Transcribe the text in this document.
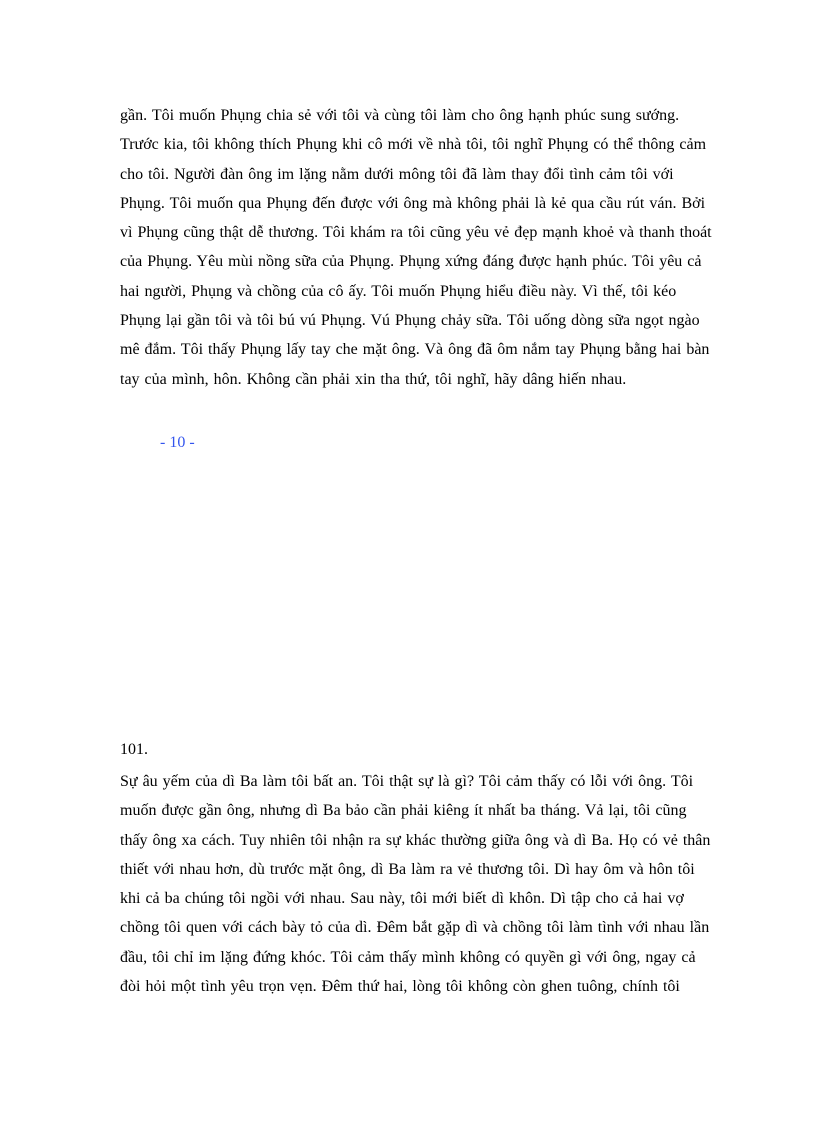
gần. Tôi muốn Phụng chia sẻ với tôi và cùng tôi làm cho ông hạnh phúc sung sướng.
Trước kia, tôi không thích Phụng khi cô mới về nhà tôi, tôi nghĩ Phụng có thể thông cảm
cho tôi. Người đàn ông im lặng nằm dưới mông tôi đã làm thay đổi tình cảm tôi với
Phụng. Tôi muốn qua Phụng đến được với ông mà không phải là kẻ qua cầu rút ván. Bởi
vì Phụng cũng thật dễ thương. Tôi khám ra tôi cũng yêu vẻ đẹp mạnh khoẻ và thanh thoát
của Phụng. Yêu mùi nồng sữa của Phụng. Phụng xứng đáng được hạnh phúc. Tôi yêu cả
hai người, Phụng và chồng của cô ấy. Tôi muốn Phụng hiểu điều này. Vì thế, tôi kéo
Phụng lại gần tôi và tôi bú vú Phụng. Vú Phụng chảy sữa. Tôi uống dòng sữa ngọt ngào
mê đắm. Tôi thấy Phụng lấy tay che mặt ông. Và ông đã ôm nắm tay Phụng bằng hai bàn
tay của mình, hôn. Không cần phải xin tha thứ, tôi nghĩ, hãy dâng hiến nhau.
- 10 -
101.
Sự âu yếm của dì Ba làm tôi bất an. Tôi thật sự là gì? Tôi cảm thấy có lỗi với ông. Tôi
muốn được gần ông, nhưng dì Ba bảo cần phải kiêng ít nhất ba tháng. Vả lại, tôi cũng
thấy ông xa cách. Tuy nhiên tôi nhận ra sự khác thường giữa ông và dì Ba. Họ có vẻ thân
thiết với nhau hơn, dù trước mặt ông, dì Ba làm ra vẻ thương tôi. Dì hay ôm và hôn tôi
khi cả ba chúng tôi ngồi với nhau. Sau này, tôi mới biết dì khôn. Dì tập cho cả hai vợ
chồng tôi quen với cách bày tỏ của dì. Đêm bắt gặp dì và chồng tôi làm tình với nhau lần
đầu, tôi chỉ im lặng đứng khóc. Tôi cảm thấy mình không có quyền gì với ông, ngay cả
đòi hỏi một tình yêu trọn vẹn. Đêm thứ hai, lòng tôi không còn ghen tuông, chính tôi
